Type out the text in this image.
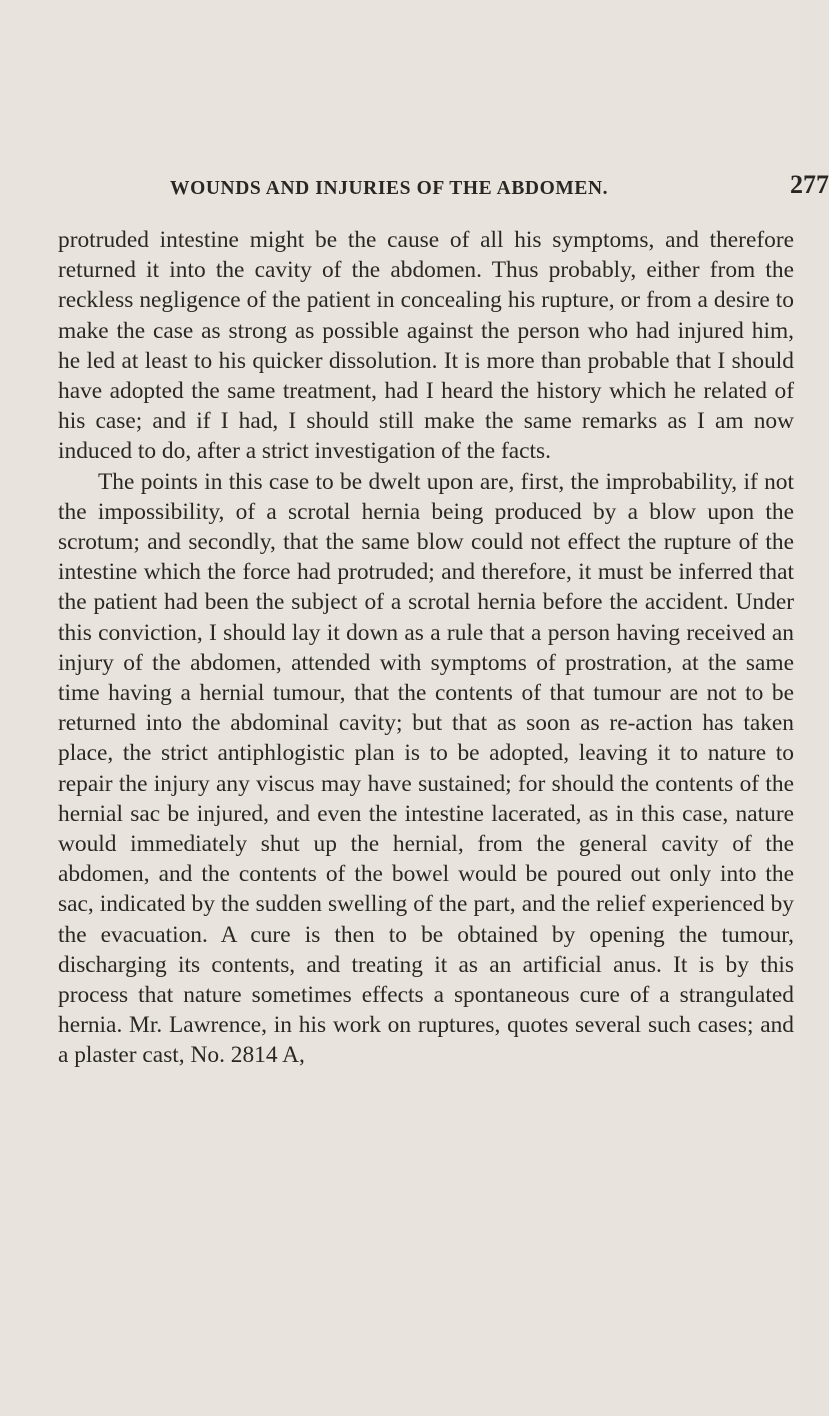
WOUNDS AND INJURIES OF THE ABDOMEN.	277

protruded intestine might be the cause of all his symptoms, and therefore returned it into the cavity of the abdomen. Thus probably, either from the reckless negligence of the patient in concealing his rupture, or from a desire to make the case as strong as possible against the person who had injured him, he led at least to his quicker dissolution. It is more than probable that I should have adopted the same treatment, had I heard the history which he related of his case; and if I had, I should still make the same remarks as I am now induced to do, after a strict investigation of the facts.

The points in this case to be dwelt upon are, first, the improbability, if not the impossibility, of a scrotal hernia being produced by a blow upon the scrotum; and secondly, that the same blow could not effect the rupture of the intestine which the force had protruded; and therefore, it must be inferred that the patient had been the subject of a scrotal hernia before the accident. Under this conviction, I should lay it down as a rule that a person having received an injury of the abdomen, attended with symptoms of prostration, at the same time having a hernial tumour, that the contents of that tumour are not to be returned into the abdominal cavity; but that as soon as re-action has taken place, the strict antiphlogistic plan is to be adopted, leaving it to nature to repair the injury any viscus may have sustained; for should the contents of the hernial sac be injured, and even the intestine lacerated, as in this case, nature would immediately shut up the hernial, from the general cavity of the abdomen, and the contents of the bowel would be poured out only into the sac, indicated by the sudden swelling of the part, and the relief experienced by the evacuation. A cure is then to be obtained by opening the tumour, discharging its contents, and treating it as an artificial anus. It is by this process that nature sometimes effects a spontaneous cure of a strangulated hernia. Mr. Lawrence, in his work on ruptures, quotes several such cases; and a plaster cast, No. 2814 A,
